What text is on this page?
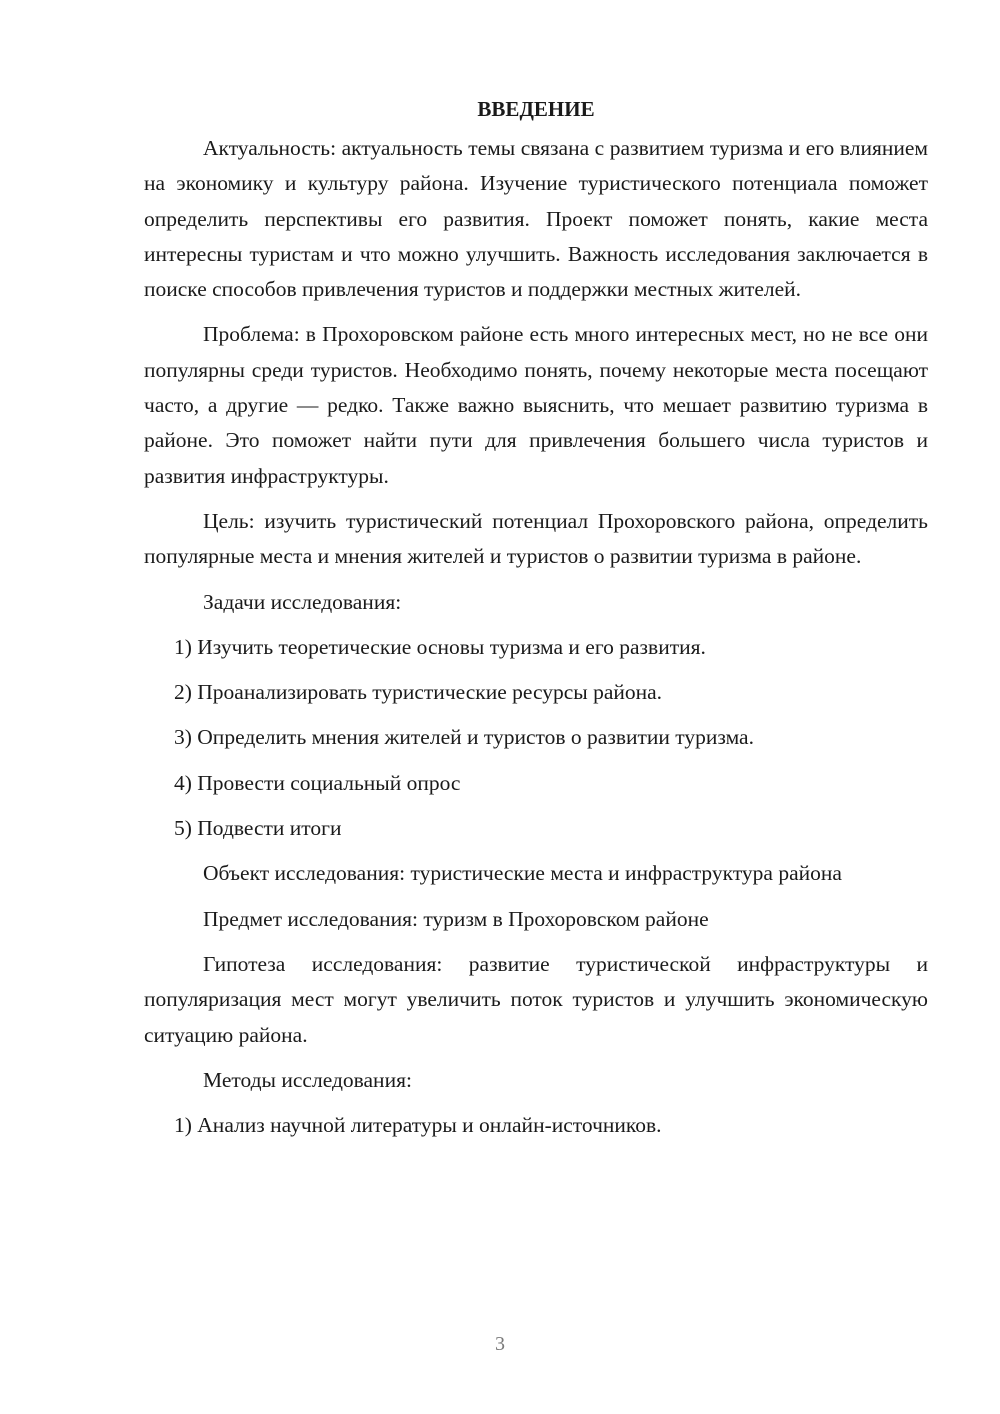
ВВЕДЕНИЕ

Актуальность: актуальность темы связана с развитием туризма и его влиянием на экономику и культуру района. Изучение туристического потенциала поможет определить перспективы его развития. Проект поможет понять, какие места интересны туристам и что можно улучшить. Важность исследования заключается в поиске способов привлечения туристов и поддержки местных жителей.

Проблема: в Прохоровском районе есть много интересных мест, но не все они популярны среди туристов. Необходимо понять, почему некоторые места посещают часто, а другие — редко. Также важно выяснить, что мешает развитию туризма в районе. Это поможет найти пути для привлечения большего числа туристов и развития инфраструктуры.

Цель: изучить туристический потенциал Прохоровского района, определить популярные места и мнения жителей и туристов о развитии туризма в районе.

Задачи исследования:

1) Изучить теоретические основы туризма и его развития.

2) Проанализировать туристические ресурсы района.

3) Определить мнения жителей и туристов о развитии туризма.

4) Провести социальный опрос

5) Подвести итоги

Объект исследования: туристические места и инфраструктура района

Предмет исследования: туризм в Прохоровском районе

Гипотеза исследования: развитие туристической инфраструктуры и популяризация мест могут увеличить поток туристов и улучшить экономическую ситуацию района.

Методы исследования:

1) Анализ научной литературы и онлайн-источников.

3
